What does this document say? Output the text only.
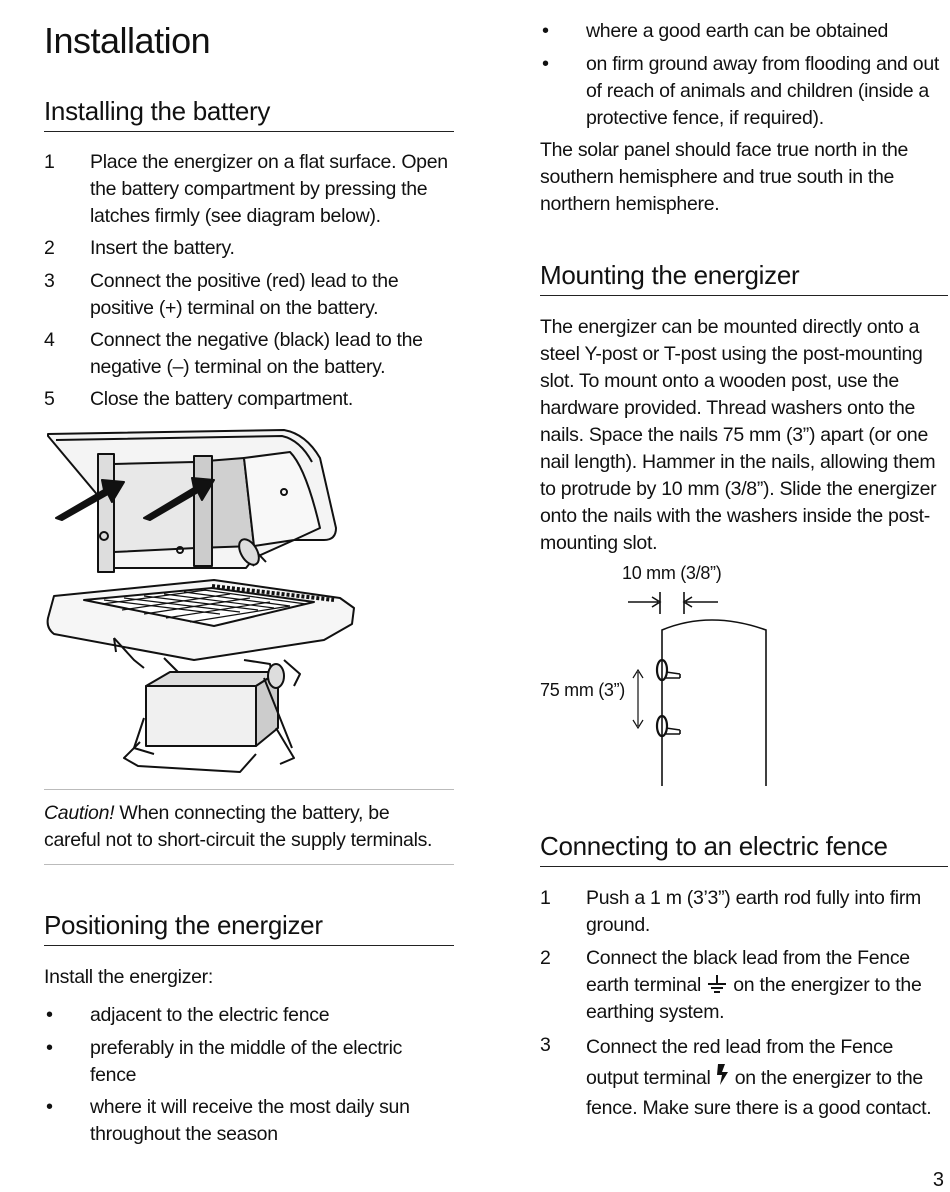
Installation
Installing the battery
1 Place the energizer on a flat surface. Open
the battery compartment by pressing the
latches firmly (see diagram below).
2 Insert the battery.
3 Connect the positive (red) lead to the
positive (+) terminal on the battery.
4 Connect the negative (black) lead to the
negative (–) terminal on the battery.
5 Close the battery compartment.

Caution! When connecting the battery, be
careful not to short-circuit the supply terminals.

Positioning the energizer

Install the energizer:

• adjacent to the electric fence
• preferably in the middle of the electric
fence
• where it will receive the most daily sun
throughout the season
• where a good earth can be obtained
• on firm ground away from flooding and out
of reach of animals and children (inside a
protective fence, if required).

The solar panel should face true north in the
southern hemisphere and true south in the
northern hemisphere.

Mounting the energizer

The energizer can be mounted directly onto a
steel Y-post or T-post using the post-mounting
slot. To mount onto a wooden post, use the
hardware provided. Thread washers onto the
nails. Space the nails 75 mm (3”) apart (or one
nail length). Hammer in the nails, allowing them
to protrude by 10 mm (3/8”). Slide the energizer
onto the nails with the washers inside the post-
mounting slot.

10 mm (3/8”)
75 mm (3”)
Connecting to an electric fence
1 Push a 1 m (3’3”) earth rod fully into firm
ground.
2 Connect the black lead from the Fence
earth terminal  on the energizer to the
earthing system.
3 Connect the red lead from the Fence
output terminal  on the energizer to the
fence. Make sure there is a good contact.
3
